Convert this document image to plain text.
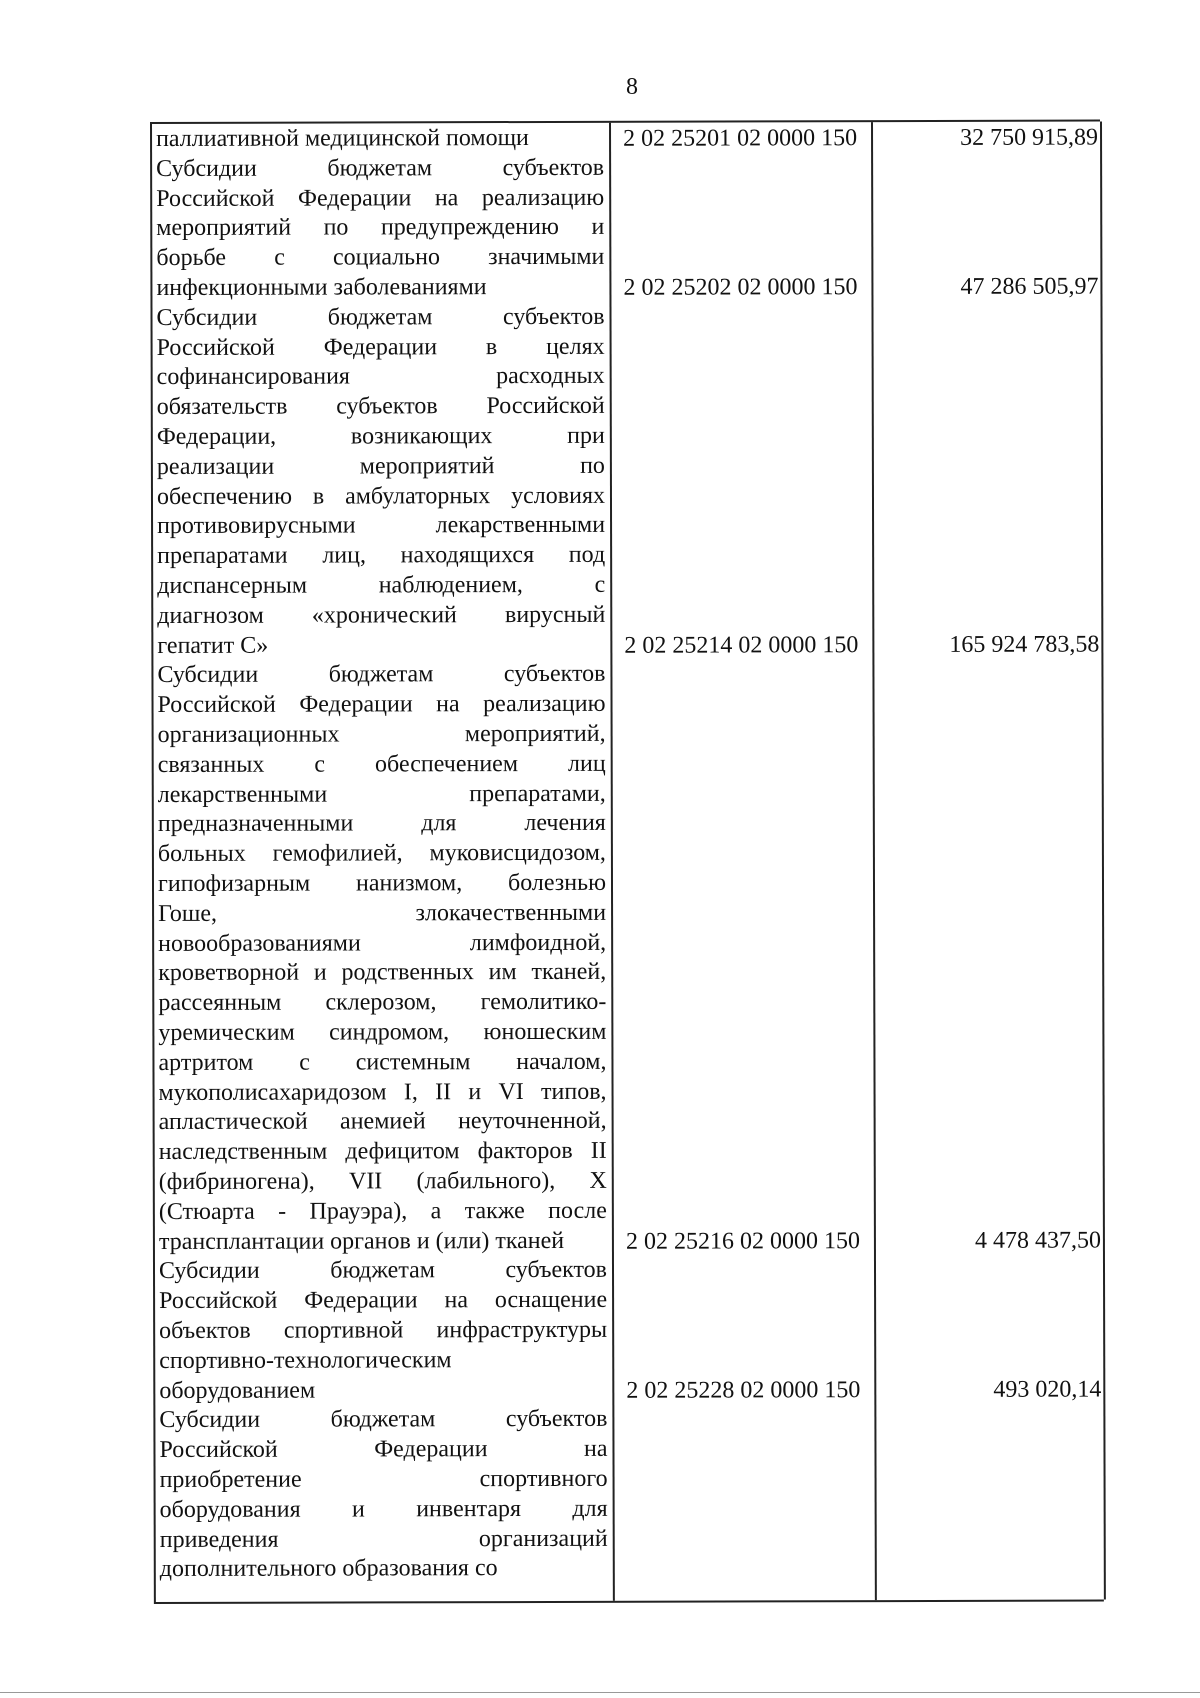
8
паллиативной медицинской помощи	2 02 25201 02 0000 150	32 750 915,89
Субсидии бюджетам субъектов
Российской Федерации на реализацию
мероприятий по предупреждению и
борьбе с социально значимыми
инфекционными заболеваниями	2 02 25202 02 0000 150	47 286 505,97
Субсидии бюджетам субъектов
Российской Федерации в целях
софинансирования расходных
обязательств субъектов Российской
Федерации, возникающих при
реализации мероприятий по
обеспечению в амбулаторных условиях
противовирусными лекарственными
препаратами лиц, находящихся под
диспансерным наблюдением, с
диагнозом «хронический вирусный
гепатит С»	2 02 25214 02 0000 150	165 924 783,58
Субсидии бюджетам субъектов
Российской Федерации на реализацию
организационных мероприятий,
связанных с обеспечением лиц
лекарственными препаратами,
предназначенными для лечения
больных гемофилией, муковисцидозом,
гипофизарным нанизмом, болезнью
Гоше, злокачественными
новообразованиями лимфоидной,
кроветворной и родственных им тканей,
рассеянным склерозом, гемолитико-
уремическим синдромом, юношеским
артритом с системным началом,
мукополисахаридозом I, II и VI типов,
апластической анемией неуточненной,
наследственным дефицитом факторов II
(фибриногена), VII (лабильного), X
(Стюарта - Прауэра), а также после
трансплантации органов и (или) тканей	2 02 25216 02 0000 150	4 478 437,50
Субсидии бюджетам субъектов
Российской Федерации на оснащение
объектов спортивной инфраструктуры
спортивно-технологическим
оборудованием	2 02 25228 02 0000 150	493 020,14
Субсидии бюджетам субъектов
Российской Федерации на
приобретение спортивного
оборудования и инвентаря для
приведения организаций
дополнительного образования со
